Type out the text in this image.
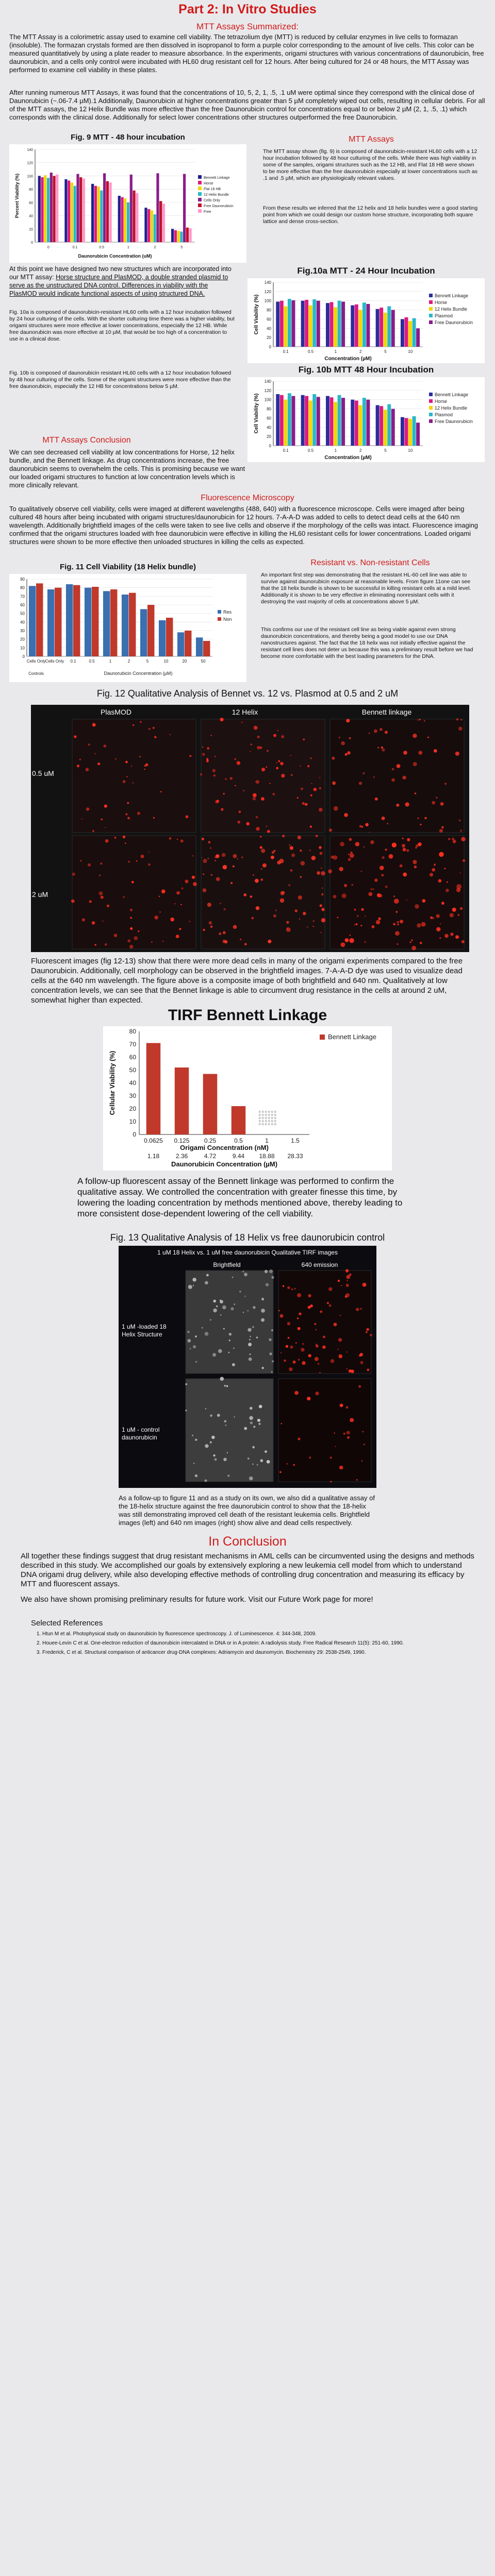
Part 2: In Vitro Studies
MTT Assays Summarized:
The MTT Assay is a colorimetric assay used to examine cell viability. The tetrazolium dye (MTT) is reduced by cellular enzymes in live cells to formazan (insoluble). The formazan crystals formed are then dissolved in isopropanol to form a purple color corresponding to the amount of live cells. This color can be measured quantitatively by using a plate reader to measure absorbance. In the experiments, origami structures with various concentrations of daunorubicin, free daunorubicin, and a cells only control were incubated with HL60 drug resistant cell for 12 hours. After being cultured for 24 or 48 hours, the MTT Assay was performed to examine cell viability in these plates.
After running numerous MTT Assays, it was found that the concentrations of 10, 5, 2, 1, .5, .1 uM were optimal since they correspond with the clinical dose of Daunorubicin (~.06-7.4 µM).1 Additionally, Daunorubicin at higher concentrations greater than 5 µM completely wiped out cells, resulting in cellular debris. For all of the MTT assays, the 12 Helix Bundle was more effective than the free Daunorubicin control for concentrations equal to or below 2 µM (2, 1, .5, .1) which corresponds with the clinical dose. Additionally for select lower concentrations other structures outperformed the free Daunorubicin.
Fig. 9 MTT - 48 hour incubation
0
20
40
60
80
100
120
140
0	0.1	0.5	1	2	5
Daunorubicin Concentration (uM)
Percent Viability (%)	Bennett Linkage
Horse
Flat 18 HB
12 Helix Bundle
Cells Only
Free Daunorubicin
Free
MTT Assays
The MTT assay shown (fig. 9) is composed of daunorubicin-resistant HL60 cells with a 12 hour incubation followed by 48 hour culturing of the cells. While there was high viability in some of the samples, origami structures such as the 12 HB, and Flat 18 HB were shown to be more effective than the free daunorubicin especially at lower concentrations such as .1 and .5 µM, which are physiologically relevant values.
From these results we inferred that the 12 helix and 18 helix bundles were a good starting point from which we could design our custom horse structure, incorporating both square lattice and dense cross-section.
At this point we have designed two new structures which are incorporated into our MTT assay: Horse structure and PlasMOD, a double stranded plasmid to serve as the unstructured DNA control. Differences in viability with the PlasMOD would indicate functional aspects of using structured DNA.
Fig. 10a is composed of daunorubicin-resistant HL60 cells with a 12 hour incubation followed by 24 hour culturing of the cells. With the shorter culturing time there was a higher viability, but origami structures were more effective at lower concentrations, especially the 12 HB. While free daunorubicin was more effective at 10 µM, that would be too high of a concentration to use in a clinical dose.
Fig. 10b is composed of daunorubicin resistant HL60 cells with a 12 hour incubation followed by 48 hour culturing of the cells. Some of the origami structures were more effective than the free daunorubicin, especially the 12 HB for concentrations below 5 µM.
Fig.10a MTT - 24 Hour Incubation
0
20
40
60
80
100
120
140
0.1	0.5	1	2	5	10
Concentration (µM)
Cell Viability (%)	Bennett Linkage
Horse
12 Helix Bundle
Plasmod
Free Daunorubicin
Fig. 10b MTT 48 Hour Incubation
0
20
40
60
80
100
120
140
0.1	0.5	1	2	5	10
Concentration (µM)
Cell Viability (%)	Bennett Linkage
Horse
12 Helix Bundle
Plasmod
Free Daunorubicin
MTT Assays Conclusion
We can see decreased cell viability at low concentrations for Horse, 12 helix bundle, and the Bennett linkage. As drug concentrations increase, the free daunorubicin seems to overwhelm the cells. This is promising because we want our loaded origami structures to function at low concentration levels which is more clinically relevant.
Fluorescence Microscopy
To qualitatively observe cell viability, cells were imaged at different wavelengths (488, 640) with a fluorescence microscope. Cells were imaged after being cultured 48 hours after being incubated with origami structures/daunorubicin for 12 hours. 7-A-A-D was added to cells to detect dead cells at the 640 nm wavelength. Additionally brightfield images of the cells were taken to see live cells and observe if the morphology of the cells was intact. Fluorescence imaging confirmed that the origami structures loaded with free daunorubicin were effective in killing the HL60 resistant cells for lower concentrations. Loaded origami structures were shown to be more effective then unloaded structures in killing the cells as expected.
Fig. 11 Cell Viability (18 Helix bundle)
0
10
20
30
40
50
60
70
80
90
Cells Only Cells Only 0.1	0.5	1	2	5	10	20	50
Res
Non
Controls	Daunorubicin Concentration (µM)
Resistant vs. Non-resistant Cells
An important first step was demonstrating that the resistant HL-60 cell line was able to survive against daunorubicin exposure at reasonable levels. From figure 11one can see that the 18 helix bundle is shown to be successful in killing resistant cells at a mild level. Additionally it is shown to be very effective in eliminating nonresistant cells with it destroying the vast majority of cells at concentrations above 5 µM.
This confirms our use of the resistant cell line as being viable against even strong daunorubicin concentrations, and thereby being a good model to use our DNA nanostructures against. The fact that the 18 helix was not initially effective against the resistant cell lines does not deter us because this was a preliminary result before we had become more comfortable with the best loading parameters for the DNA.
Fig. 12 Qualitative Analysis of Bennet vs. 12 vs. Plasmod at 0.5 and 2 uM
PlasMOD	12 Helix	Bennett linkage
0.5 uM
2 uM
Fluorescent images (fig 12-13) show that there were more dead cells in many of the origami experiments compared to the free Daunorubicin. Additionally, cell morphology can be observed in the brightfield images. 7-A-A-D dye was used to visualize dead cells at the 640 nm wavelength. The figure above is a composite image of both brightfield and 640 nm. Qualitatively at low concentration levels, we can see that the Bennet linkage is able to circumvent drug resistance in the cells at around 2 uM, somewhat higher than expected.
TIRF Bennett Linkage
0
10
20
30
40
50
60
70
80
0.0625
1.18
0.125
2.36
0.25
4.72
0.5
9.44
1
18.88
1.5
28.33
Origami Concentration (nM)
Daunorubicin Concentration (µM)
Cellular Viability (%)
Bennett Linkage
A follow-up fluorescent assay of the Bennett linkage was performed to confirm the qualitative assay. We controlled the concentration with greater finesse this time, by lowering the loading concentration by methods mentioned above, thereby leading to more consistent dose-dependent lowering of the cell viability.
Fig. 13 Qualitative Analysis of 18 Helix vs free daunorubicin control
1 uM 18 Helix vs. 1 uM free daunorubicin Qualitative TIRF images
Brightfield	640 emission
1 uM -loaded 18 Helix Structure
1 uM - control daunorubicin
As a follow-up to figure 11 and as a study on its own, we also did a qualitative assay of the 18-helix structure against the free daunorubicin control to show that the 18-helix was still demonstrating improved cell death of the resistant leukemia cells. Brightfield images (left) and 640 nm images (right) show alive and dead cells respectively.
In Conclusion
All together these findings suggest that drug resistant mechanisms in AML cells can be circumvented using the designs and methods described in this study. We accomplished our goals by extensively exploring a new leukemia cell model from which to understand DNA origami drug delivery, while also developing effective methods of controlling drug concentration and measuring its efficacy by MTT and fluorescent assays.
We also have shown promising preliminary results for future work. Visit our Future Work page for more!
Selected References
1. Htun M et al. Photophysical study on daunorubicin by fluorescence spectroscopy. J. of Luminescence. 4: 344-348, 2009.
2. Houee-Levin C et al. One-electron reduction of daunorubicin intercalated in DNA or in A protein: A radiolysis study. Free Radical Research 11(5): 251-60, 1990.
3. Frederick, C et al. Structural comparison of anticancer drug-DNA complexes: Adriamycin and daunomycin. Biochemistry 29: 2538-2549, 1990.
